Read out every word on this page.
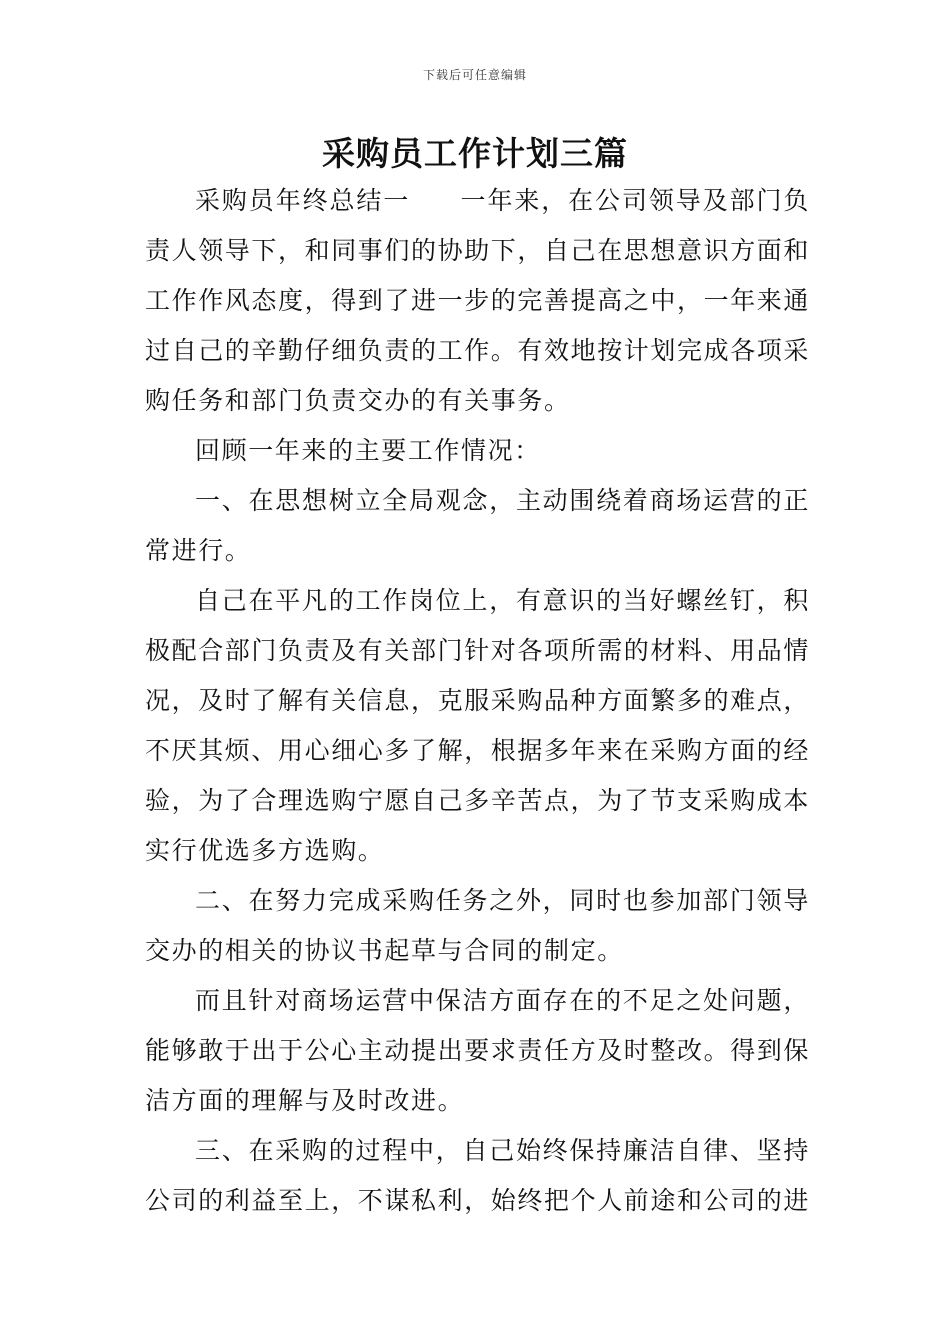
下载后可任意编辑
采购员工作计划三篇

采购员年终总结一 一年来，在公司领导及部门负责人领导下，和同事们的协助下，自己在思想意识方面和工作作风态度，得到了进一步的完善提高之中，一年来通过自己的辛勤仔细负责的工作。有效地按计划完成各项采购任务和部门负责交办的有关事务。

回顾一年来的主要工作情况：

一、在思想树立全局观念，主动围绕着商场运营的正常进行。

自己在平凡的工作岗位上，有意识的当好螺丝钉，积极配合部门负责及有关部门针对各项所需的材料、用品情况，及时了解有关信息，克服采购品种方面繁多的难点，不厌其烦、用心细心多了解，根据多年来在采购方面的经验，为了合理选购宁愿自己多辛苦点，为了节支采购成本实行优选多方选购。

二、在努力完成采购任务之外，同时也参加部门领导交办的相关的协议书起草与合同的制定。

而且针对商场运营中保洁方面存在的不足之处问题，能够敢于出于公心主动提出要求责任方及时整改。得到保洁方面的理解与及时改进。

三、在采购的过程中，自己始终保持廉洁自律、坚持公司的利益至上，不谋私利，始终把个人前途和公司的进
